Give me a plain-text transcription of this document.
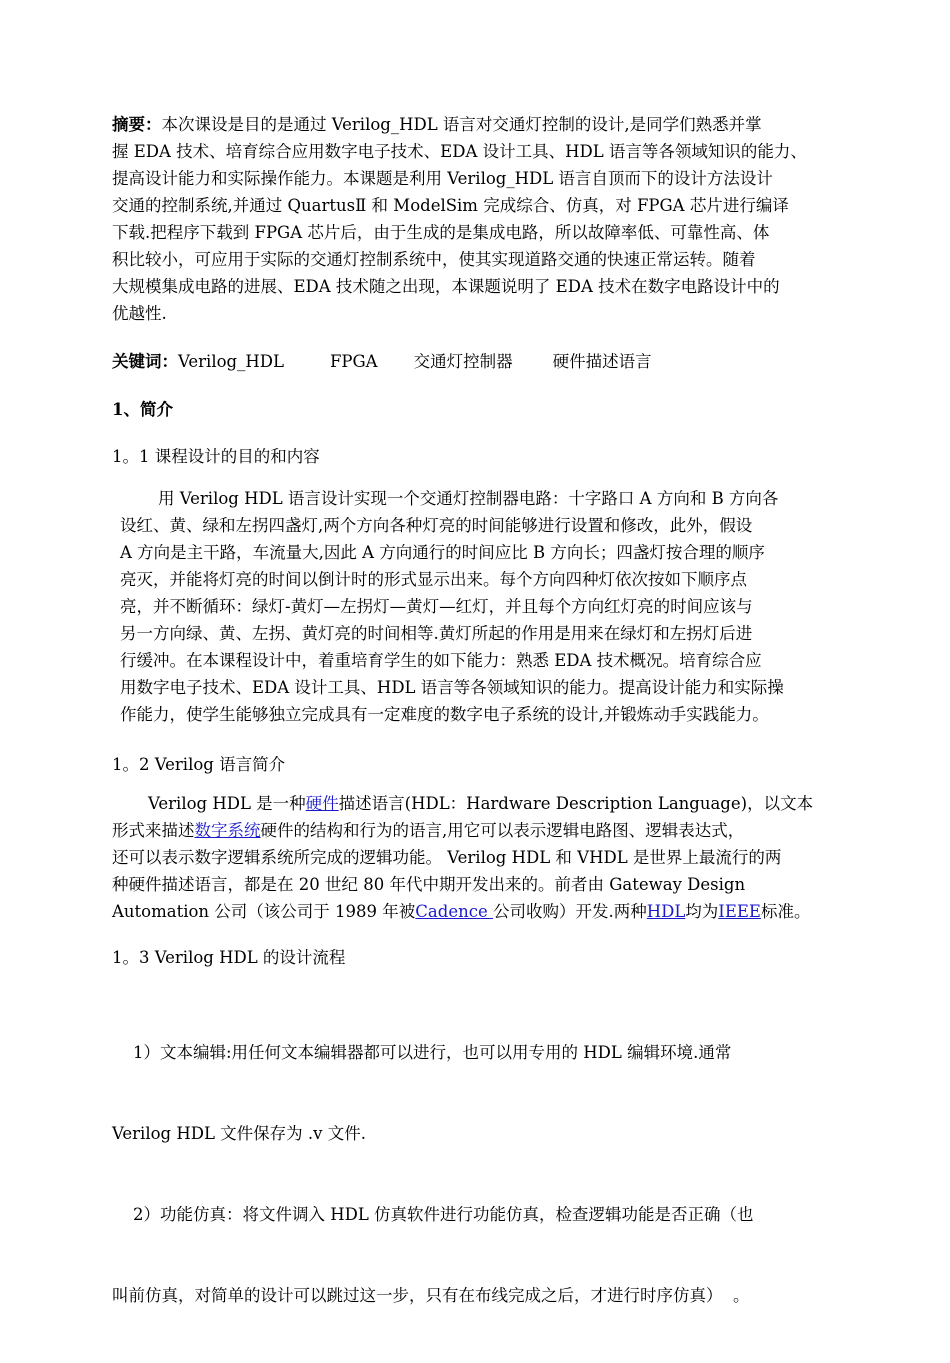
摘要：本次课设是目的是通过 Verilog_HDL 语言对交通灯控制的设计,是同学们熟悉并掌
握 EDA 技术、培育综合应用数字电子技术、EDA 设计工具、HDL 语言等各领域知识的能力、
提高设计能力和实际操作能力。本课题是利用 Verilog_HDL 语言自顶而下的设计方法设计
交通的控制系统,并通过 QuartusⅡ 和 ModelSim 完成综合、仿真，对 FPGA 芯片进行编译
下载.把程序下载到 FPGA 芯片后，由于生成的是集成电路，所以故障率低、可靠性高、体
积比较小，可应用于实际的交通灯控制系统中，使其实现道路交通的快速正常运转。随着
大规模集成电路的进展、EDA 技术随之出现，本课题说明了 EDA 技术在数字电路设计中的
优越性.
关键词：Verilog_HDL	FPGA 交通灯控制器 硬件描述语言
1、简介
1。1 课程设计的目的和内容
用 Verilog HDL 语言设计实现一个交通灯控制器电路：十字路口 A 方向和 B 方向各
设红、黄、绿和左拐四盏灯,两个方向各种灯亮的时间能够进行设置和修改，此外，假设
A 方向是主干路，车流量大,因此 A 方向通行的时间应比 B 方向长；四盏灯按合理的顺序
亮灭，并能将灯亮的时间以倒计时的形式显示出来。每个方向四种灯依次按如下顺序点
亮，并不断循环：绿灯-黄灯—左拐灯—黄灯—红灯，并且每个方向红灯亮的时间应该与
另一方向绿、黄、左拐、黄灯亮的时间相等.黄灯所起的作用是用来在绿灯和左拐灯后进
行缓冲。在本课程设计中，着重培育学生的如下能力：熟悉 EDA 技术概况。培育综合应
用数字电子技术、EDA 设计工具、HDL 语言等各领域知识的能力。提高设计能力和实际操
作能力，使学生能够独立完成具有一定难度的数字电子系统的设计,并锻炼动手实践能力。
1。2 Verilog 语言简介
Verilog HDL 是一种硬件描述语言(HDL：Hardware Description Language)，以文本
形式来描述数字系统硬件的结构和行为的语言,用它可以表示逻辑电路图、逻辑表达式，
还可以表示数字逻辑系统所完成的逻辑功能。 Verilog HDL 和 VHDL 是世界上最流行的两
种硬件描述语言，都是在 20 世纪 80 年代中期开发出来的。前者由 Gateway Design
Automation 公司（该公司于 1989 年被Cadence 公司收购）开发.两种HDL均为IEEE标准。
1。3 Verilog HDL 的设计流程

1）文本编辑:用任何文本编辑器都可以进行，也可以用专用的 HDL 编辑环境.通常

Verilog HDL 文件保存为 .v 文件.

2）功能仿真：将文件调入 HDL 仿真软件进行功能仿真，检查逻辑功能是否正确（也

叫前仿真，对简单的设计可以跳过这一步，只有在布线完成之后，才进行时序仿真）  。
